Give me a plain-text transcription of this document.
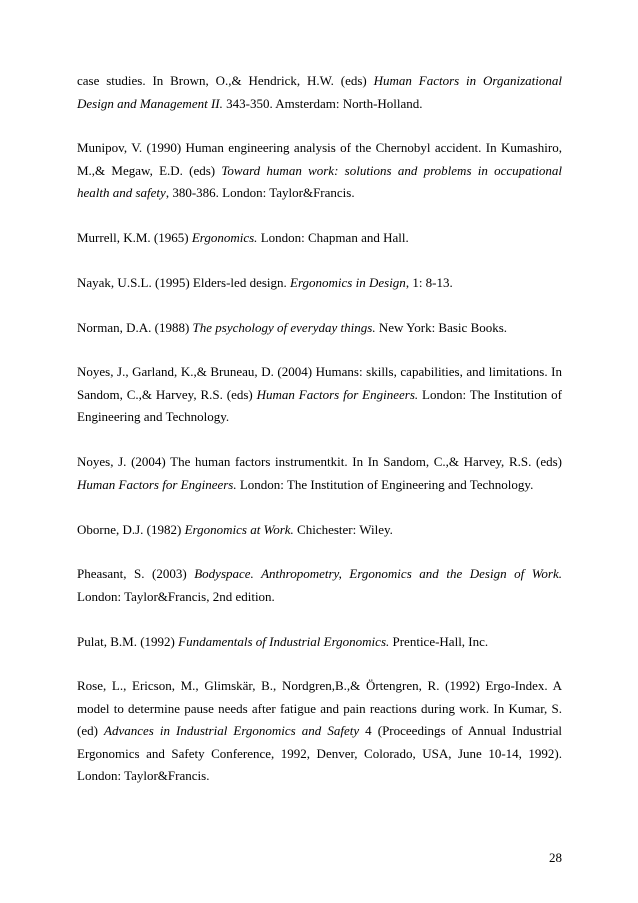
case studies. In Brown, O.,& Hendrick, H.W. (eds) Human Factors in Organizational Design and Management II. 343-350. Amsterdam: North-Holland.

Munipov, V. (1990) Human engineering analysis of the Chernobyl accident. In Kumashiro, M.,& Megaw, E.D. (eds) Toward human work: solutions and problems in occupational health and safety, 380-386. London: Taylor&Francis.

Murrell, K.M. (1965) Ergonomics. London: Chapman and Hall.

Nayak, U.S.L. (1995) Elders-led design. Ergonomics in Design, 1: 8-13.

Norman, D.A. (1988) The psychology of everyday things. New York: Basic Books.

Noyes, J., Garland, K.,& Bruneau, D. (2004) Humans: skills, capabilities, and limitations. In Sandom, C.,& Harvey, R.S. (eds) Human Factors for Engineers. London: The Institution of Engineering and Technology.

Noyes, J. (2004) The human factors instrumentkit. In In Sandom, C.,& Harvey, R.S. (eds) Human Factors for Engineers. London: The Institution of Engineering and Technology.

Oborne, D.J. (1982) Ergonomics at Work. Chichester: Wiley.

Pheasant, S. (2003) Bodyspace. Anthropometry, Ergonomics and the Design of Work. London: Taylor&Francis, 2nd edition.

Pulat, B.M. (1992) Fundamentals of Industrial Ergonomics. Prentice-Hall, Inc.

Rose, L., Ericson, M., Glimskär, B., Nordgren,B.,& Örtengren, R. (1992) Ergo-Index. A model to determine pause needs after fatigue and pain reactions during work. In Kumar, S. (ed) Advances in Industrial Ergonomics and Safety 4 (Proceedings of Annual Industrial Ergonomics and Safety Conference, 1992, Denver, Colorado, USA, June 10-14, 1992). London: Taylor&Francis.

28
